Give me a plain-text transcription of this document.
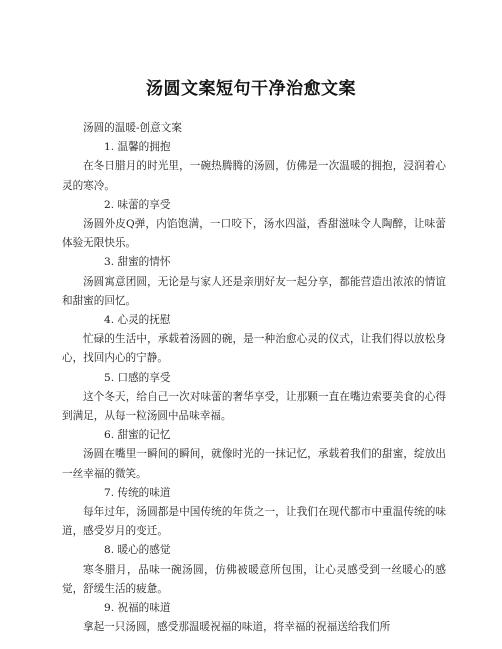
汤圆文案短句干净治愈文案

汤圆的温暖-创意文案

1. 温馨的拥抱

在冬日腊月的时光里，一碗热腾腾的汤圆，仿佛是一次温暖的拥抱，浸润着心灵的寒冷。

2. 味蕾的享受

汤圆外皮Q弹，内馅饱满，一口咬下，汤水四溢，香甜滋味令人陶醉，让味蕾体验无限快乐。

3. 甜蜜的情怀

汤圆寓意团圆，无论是与家人还是亲朋好友一起分享，都能营造出浓浓的情谊和甜蜜的回忆。

4. 心灵的抚慰

忙碌的生活中，承载着汤圆的碗，是一种治愈心灵的仪式，让我们得以放松身心，找回内心的宁静。

5. 口感的享受

这个冬天，给自己一次对味蕾的奢华享受，让那颗一直在嘴边索要美食的心得到满足，从每一粒汤圆中品味幸福。

6. 甜蜜的记忆

汤圆在嘴里一瞬间的瞬间，就像时光的一抹记忆，承载着我们的甜蜜，绽放出一丝幸福的微笑。

7. 传统的味道

每年过年，汤圆都是中国传统的年货之一，让我们在现代都市中重温传统的味道，感受岁月的变迁。

8. 暖心的感觉

寒冬腊月，品味一碗汤圆，仿佛被暖意所包围，让心灵感受到一丝暖心的感觉，舒缓生活的疲惫。

9. 祝福的味道

拿起一只汤圆，感受那温暖祝福的味道，将幸福的祝福送给我们所
